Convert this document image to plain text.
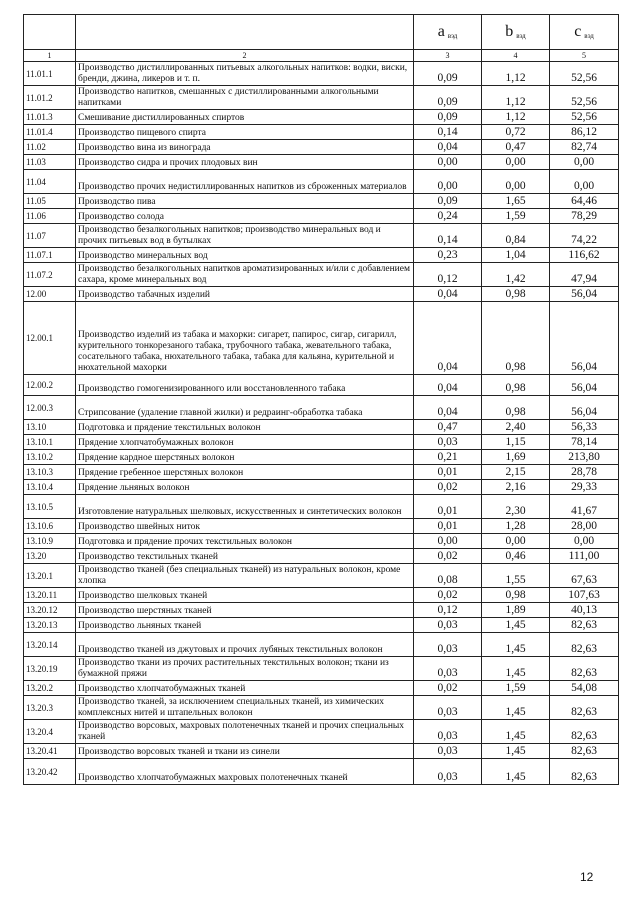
		a $_{вэд}$	b $_{вэд}$	c $_{вэд}$
1	2	3	4	5
11.01.1	Производство дистиллированных питьевых алкогольных напитков: водки, виски, бренди, джина, ликеров и т. п.	0,09	1,12	52,56
11.01.2	Производство напитков, смешанных с дистиллированными алкогольными напитками	0,09	1,12	52,56
11.01.3	Смешивание дистиллированных спиртов	0,09	1,12	52,56
11.01.4	Производство пищевого спирта	0,14	0,72	86,12
11.02	Производство вина из винограда	0,04	0,47	82,74
11.03	Производство сидра и прочих плодовых вин	0,00	0,00	0,00
11.04	Производство прочих недистиллированных напитков из сброженных материалов	0,00	0,00	0,00
11.05	Производство пива	0,09	1,65	64,46
11.06	Производство солода	0,24	1,59	78,29
11.07	Производство безалкогольных напитков; производство минеральных вод и прочих питьевых вод в бутылках	0,14	0,84	74,22
11.07.1	Производство минеральных вод	0,23	1,04	116,62
11.07.2	Производство безалкогольных напитков ароматизированных и/или с добавлением сахара, кроме минеральных вод	0,12	1,42	47,94
12.00	Производство табачных изделий	0,04	0,98	56,04
12.00.1	Производство изделий из табака и махорки: сигарет, папирос, сигар, сигарилл, курительного тонкорезаного табака, трубочного табака, жевательного табака, сосательного табака, нюхательного табака, табака для кальяна, курительной и нюхательной махорки	0,04	0,98	56,04
12.00.2	Производство гомогенизированного или восстановленного табака	0,04	0,98	56,04
12.00.3	Стрипсование (удаление главной жилки) и редраинг-обработка табака	0,04	0,98	56,04
13.10	Подготовка и прядение текстильных волокон	0,47	2,40	56,33
13.10.1	Прядение хлопчатобумажных волокон	0,03	1,15	78,14
13.10.2	Прядение кардное шерстяных волокон	0,21	1,69	213,80
13.10.3	Прядение гребенное шерстяных волокон	0,01	2,15	28,78
13.10.4	Прядение льняных волокон	0,02	2,16	29,33
13.10.5	Изготовление натуральных шелковых, искусственных и синтетических волокон	0,01	2,30	41,67
13.10.6	Производство швейных ниток	0,01	1,28	28,00
13.10.9	Подготовка и прядение прочих текстильных волокон	0,00	0,00	0,00
13.20	Производство текстильных тканей	0,02	0,46	111,00
13.20.1	Производство тканей (без специальных тканей) из натуральных волокон, кроме хлопка	0,08	1,55	67,63
13.20.11	Производство шелковых тканей	0,02	0,98	107,63
13.20.12	Производство шерстяных тканей	0,12	1,89	40,13
13.20.13	Производство льняных тканей	0,03	1,45	82,63
13.20.14	Производство тканей из джутовых и прочих лубяных текстильных волокон	0,03	1,45	82,63
13.20.19	Производство ткани из прочих растительных текстильных волокон; ткани из бумажной пряжи	0,03	1,45	82,63
13.20.2	Производство хлопчатобумажных тканей	0,02	1,59	54,08
13.20.3	Производство тканей, за исключением специальных тканей, из химических комплексных нитей и штапельных волокон	0,03	1,45	82,63
13.20.4	Производство ворсовых, махровых полотенечных тканей и прочих специальных тканей	0,03	1,45	82,63
13.20.41	Производство ворсовых тканей и ткани из синели	0,03	1,45	82,63
13.20.42	Производство хлопчатобумажных махровых полотенечных тканей	0,03	1,45	82,63
12
